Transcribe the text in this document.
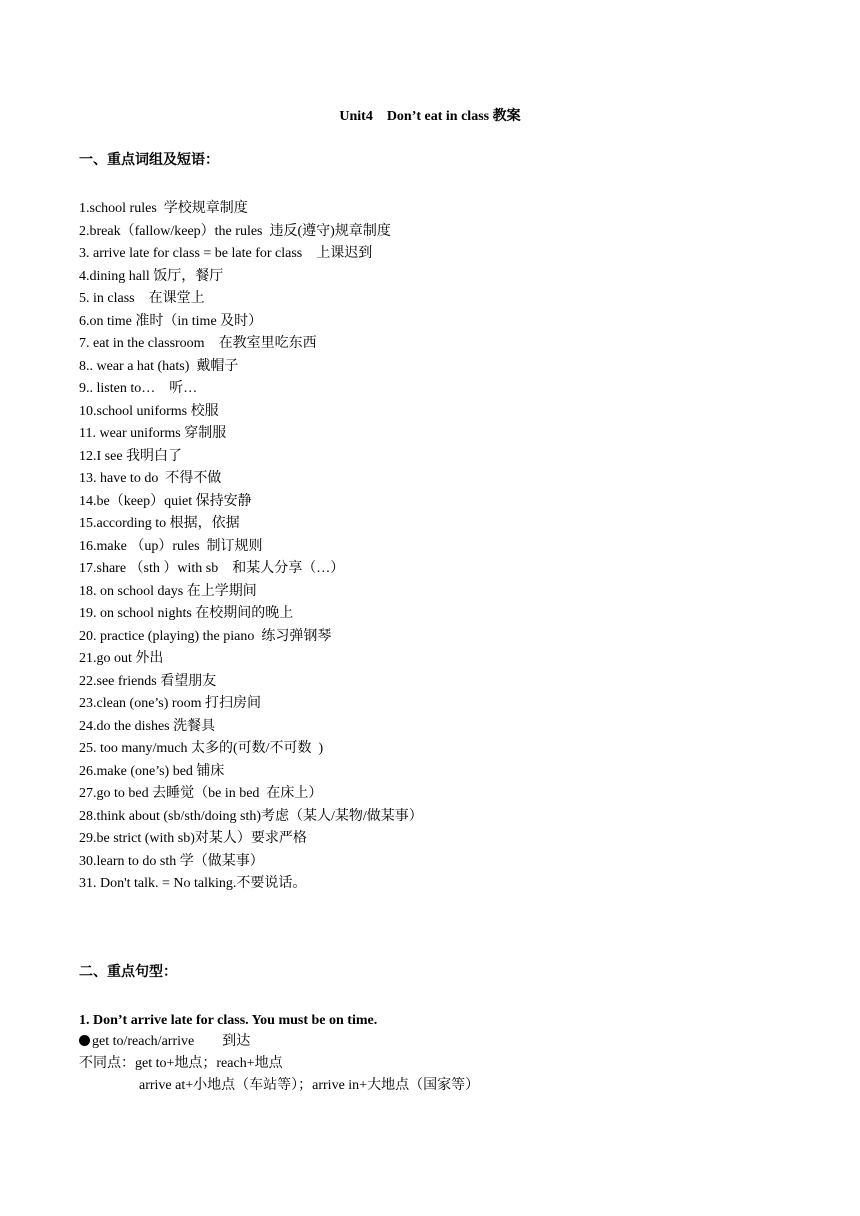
Unit4　Don’t eat in class 教案
一、重点词组及短语：
1.school rules  学校规章制度
2.break（fallow/keep）the rules  违反(遵守)规章制度
3. arrive late for class = be late for class　上课迟到
4.dining hall 饭厅，餐厅
5. in class　在课堂上
6.on time 准时（in time 及时）
7. eat in the classroom　在教室里吃东西
8.. wear a hat (hats)  戴帽子
9.. listen to…　听…
10.school uniforms 校服
11. wear uniforms 穿制服
12.I see 我明白了
13. have to do  不得不做
14.be（keep）quiet 保持安静
15.according to 根据，依据
16.make （up）rules  制订规则
17.share （sth ）with sb　和某人分享（…）
18. on school days 在上学期间
19. on school nights 在校期间的晚上
20. practice (playing) the piano  练习弹钢琴
21.go out 外出
22.see friends 看望朋友
23.clean (one’s) room 打扫房间
24.do the dishes 洗餐具
25. too many/much 太多的(可数/不可数  )
26.make (one’s) bed 铺床
27.go to bed 去睡觉（be in bed  在床上）
28.think about (sb/sth/doing sth)考虑（某人/某物/做某事）
29.be strict (with sb)对某人）要求严格
30.learn to do sth 学（做某事）
31. Don't talk. = No talking.不要说话。
二、重点句型：
1. Don’t arrive late for class. You must be on time.
get to/reach/arrive　　到达
不同点：get to+地点；reach+地点
arrive at+小地点（车站等）；arrive in+大地点（国家等）
